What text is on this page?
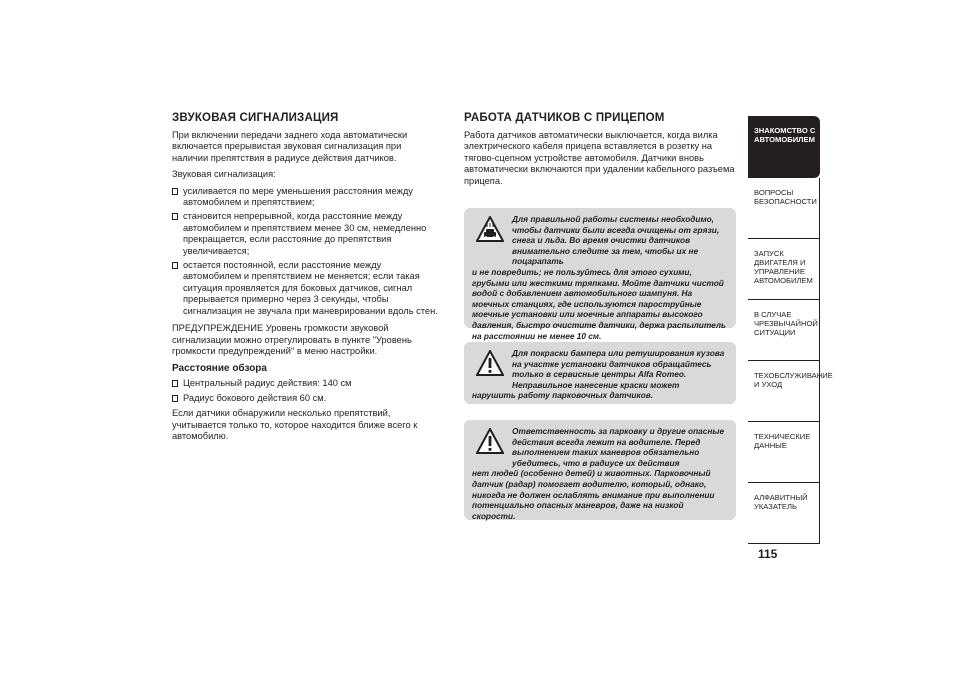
ЗВУКОВАЯ СИГНАЛИЗАЦИЯ

При включении передачи заднего хода автоматически включается прерывистая звуковая сигнализация при наличии препятствия в радиусе действия датчиков.

Звуковая сигнализация:

усиливается по мере уменьшения расстояния между автомобилем и препятствием;
становится непрерывной, когда расстояние между автомобилем и препятствием менее 30 см, немедленно прекращается, если расстояние до препятствия увеличивается;
остается постоянной, если расстояние между автомобилем и препятствием не меняется; если такая ситуация проявляется для боковых датчиков, сигнал прерывается примерно через 3 секунды, чтобы сигнализация не звучала при маневрировании вдоль стен.

ПРЕДУПРЕЖДЕНИЕ Уровень громкости звуковой сигнализации можно отрегулировать в пункте "Уровень громкости предупреждений" в меню настройки.

Расстояние обзора
Центральный радиус действия: 140 см
Радиус бокового действия 60 см.

Если датчики обнаружили несколько препятствий, учитывается только то, которое находится ближе всего к автомобилю.

РАБОТА ДАТЧИКОВ С ПРИЦЕПОМ

Работа датчиков автоматически выключается, когда вилка электрического кабеля прицепа вставляется в розетку на тягово-сцепном устройстве автомобиля. Датчики вновь автоматически включаются при удалении кабельного разъема прицепа.

Для правильной работы системы необходимо, чтобы датчики были всегда очищены от грязи, снега и льда. Во время очистки датчиков внимательно следите за тем, чтобы их не поцарапать
и не повредить; не пользуйтесь для этого сухими, грубыми или жесткими тряпками. Мойте датчики чистой водой с добавлением автомобильного шампуня. На моечных станциях, где используются пароструйные моечные установки или моечные аппараты высокого давления, быстро очистите датчики, держа распылитель на расстоянии не менее 10 см.

Для покраски бампера или ретуширования кузова на участке установки датчиков обращайтесь только в сервисные центры Alfa Romeo. Неправильное нанесение краски может
нарушить работу парковочных датчиков.

Ответственность за парковку и другие опасные действия всегда лежит на водителе. Перед выполнением таких маневров обязательно убедитесь, что в радиусе их действия
нет людей (особенно детей) и животных. Парковочный датчик (радар) помогает водителю, который, однако, никогда не должен ослаблять внимание при выполнении потенциально опасных маневров, даже на низкой скорости.

ЗНАКОМСТВО С АВТОМОБИЛЕМ
ВОПРОСЫ БЕЗОПАСНОСТИ
ЗАПУСК ДВИГАТЕЛЯ И УПРАВЛЕНИЕ АВТОМОБИЛЕМ
В СЛУЧАЕ ЧРЕЗВЫЧАЙНОЙ СИТУАЦИИ
ТЕХОБСЛУЖИВАНИЕ И УХОД
ТЕХНИЧЕСКИЕ ДАННЫЕ
АЛФАВИТНЫЙ УКАЗАТЕЛЬ
115
